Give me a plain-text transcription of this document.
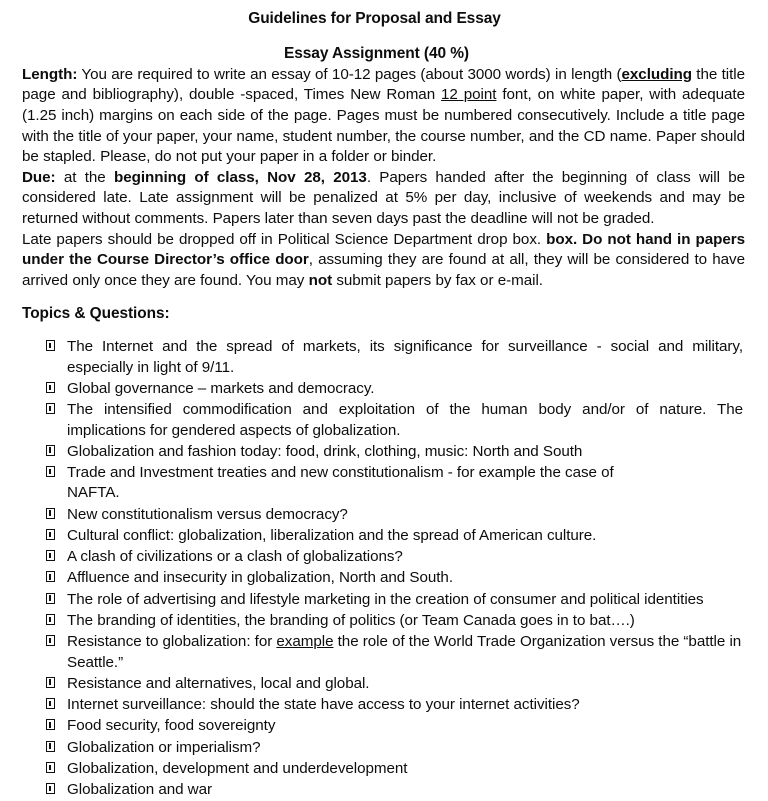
Guidelines for Proposal and Essay
Essay Assignment (40 %)

Length: You are required to write an essay of 10-12 pages (about 3000 words) in length (excluding the title page and bibliography), double -spaced, Times New Roman 12 point font, on white paper, with adequate (1.25 inch) margins on each side of the page. Pages must be numbered consecutively. Include a title page with the title of your paper, your name, student number, the course number, and the CD name. Paper should be stapled. Please, do not put your paper in a folder or binder.

Due: at the beginning of class, Nov 28, 2013. Papers handed after the beginning of class will be considered late. Late assignment will be penalized at 5% per day, inclusive of weekends and may be returned without comments. Papers later than seven days past the deadline will not be graded.

Late papers should be dropped off in Political Science Department drop box. box. Do not hand in papers under the Course Director’s office door, assuming they are found at all, they will be considered to have arrived only once they are found. You may not submit papers by fax or e-mail.

Topics & Questions:
The Internet and the spread of markets, its significance for surveillance - social and military, especially in light of 9/11.
Global governance – markets and democracy.
The intensified commodification and exploitation of the human body and/or of nature. The implications for gendered aspects of globalization.
Globalization and fashion today: food, drink, clothing, music: North and South
Trade and Investment treaties and new constitutionalism - for example the case of
NAFTA.
New constitutionalism versus democracy?
Cultural conflict: globalization, liberalization and the spread of American culture.
A clash of civilizations or a clash of globalizations?
Affluence and insecurity in globalization, North and South.
The role of advertising and lifestyle marketing in the creation of consumer and political identities
The branding of identities, the branding of politics (or Team Canada goes in to bat….)
Resistance to globalization: for example the role of the World Trade Organization versus the “battle in Seattle.”
Resistance and alternatives, local and global.
Internet surveillance: should the state have access to your internet activities?
Food security, food sovereignty
Globalization or imperialism?
Globalization, development and underdevelopment
Globalization and war
